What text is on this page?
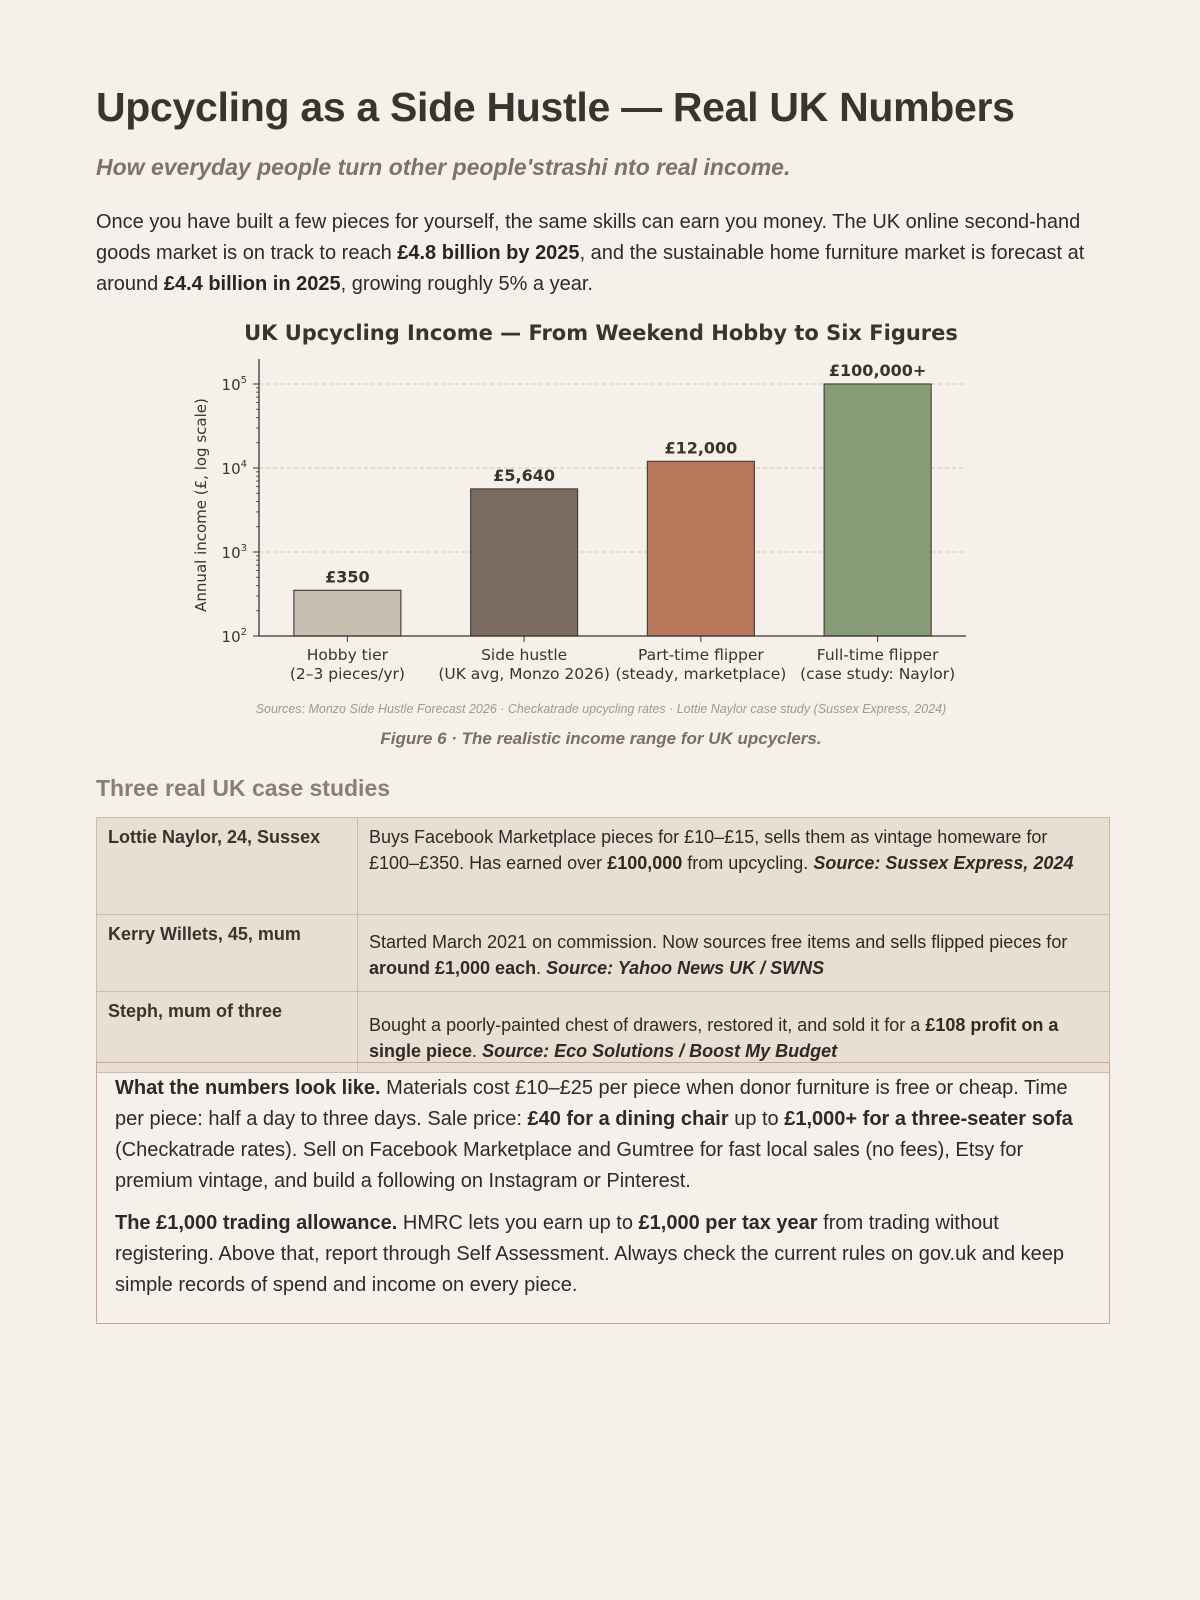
Upcycling as a Side Hustle — Real UK Numbers

How everyday people turn other people'strashi nto real income.

Once you have built a few pieces for yourself, the same skills can earn you money. The UK online second-hand goods market is on track to reach £4.8 billion by 2025, and the sustainable home furniture market is forecast at around £4.4 billion in 2025, growing roughly 5% a year.

UK Upcycling Income — From Weekend Hobby to Six Figures
£350
Hobby tier
(2–3 pieces/yr)
£5,640
Side hustle
(UK avg, Monzo 2026)
£12,000
Part-time flipper
(steady, marketplace)
£100,000+
Full-time flipper
(case study: Naylor)
$10^2$
$10^3$
$10^4$
$10^5$
Annual income (£, log scale)

Sources: Monzo Side Hustle Forecast 2026 · Checkatrade upcycling rates · Lottie Naylor case study (Sussex Express, 2024)

Figure 6 · The realistic income range for UK upcyclers.

Three real UK case studies
Lottie Naylor, 24, Sussex	Buys Facebook Marketplace pieces for £10–£15, sells them as vintage homeware for £100–£350. Has earned over £100,000 from upcycling. Source: Sussex Express, 2024
Kerry Willets, 45, mum	Started March 2021 on commission. Now sources free items and sells flipped pieces for around £1,000 each. Source: Yahoo News UK / SWNS
Steph, mum of three	Bought a poorly-painted chest of drawers, restored it, and sold it for a £108 profit on a single piece. Source: Eco Solutions / Boost My Budget

What the numbers look like. Materials cost £10–£25 per piece when donor furniture is free or cheap. Time per piece: half a day to three days. Sale price: £40 for a dining chair up to £1,000+ for a three-seater sofa (Checkatrade rates). Sell on Facebook Marketplace and Gumtree for fast local sales (no fees), Etsy for premium vintage, and build a following on Instagram or Pinterest.

The £1,000 trading allowance. HMRC lets you earn up to £1,000 per tax year from trading without registering. Above that, report through Self Assessment. Always check the current rules on gov.uk and keep simple records of spend and income on every piece.
